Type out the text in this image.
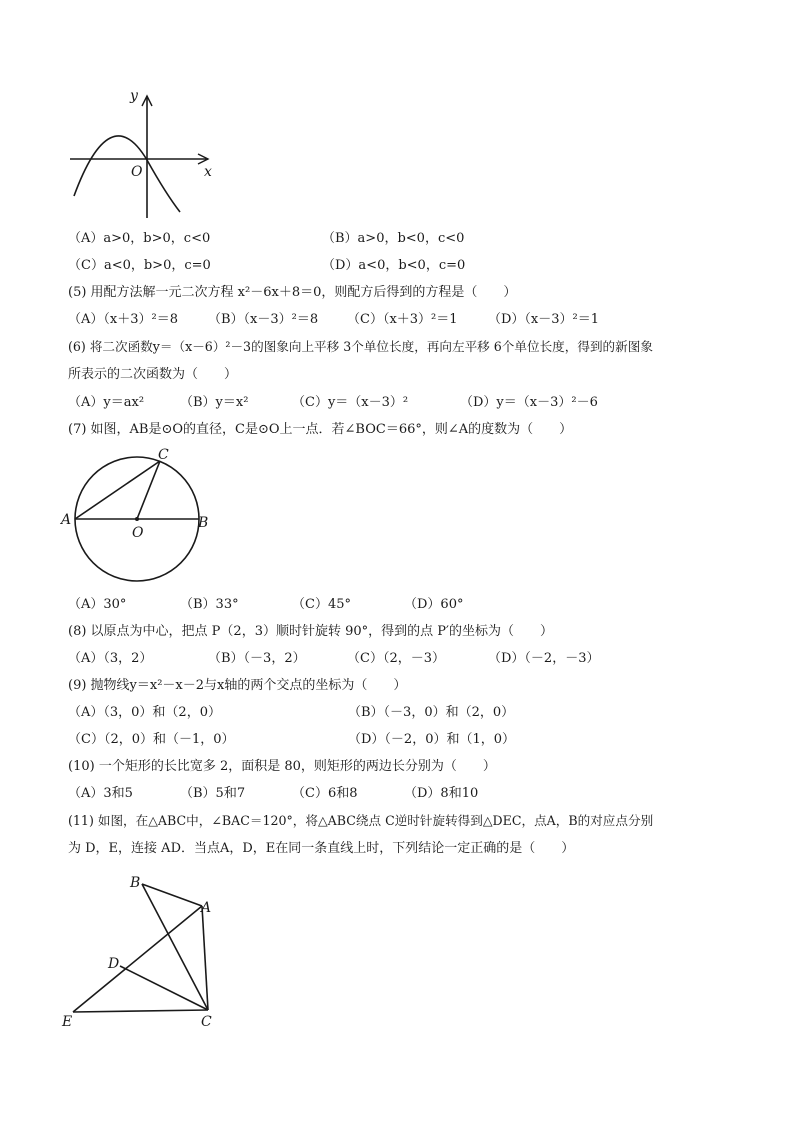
y
x
O
（A）a>0，b>0，c<0	（B）a>0，b<0，c<0
（C）a<0，b>0，c=0	（D）a<0，b<0，c=0
(5) 用配方法解一元二次方程 x²－6x＋8＝0，则配方后得到的方程是（　　）
（A）（x＋3）²＝8 （B）（x－3）²＝8 （C）（x＋3）²＝1 （D）（x－3）²＝1
(6) 将二次函数y＝（x－6）²－3的图象向上平移 3个单位长度，再向左平移 6个单位长度，得到的新图象
所表示的二次函数为（　　）
（A）y＝ax²	（B）y＝x²	（C）y＝（x－3）²	（D）y＝（x－3）²－6
(7) 如图，AB是⊙O的直径，C是⊙O上一点．若∠BOC＝66°，则∠A的度数为（　　）
A	B
C
O
（A）30°	（B）33°	（C）45°	（D）60°
(8) 以原点为中心，把点 P（2，3）顺时针旋转 90°，得到的点 P′的坐标为（　　）
（A）（3，2）	（B）（－3，2）	（C）（2，－3）	（D）（－2，－3）
(9) 抛物线y＝x²－x－2与x轴的两个交点的坐标为（　　）
（A）（3，0）和（2，0）	（B）（－3，0）和（2，0）
（C）（2，0）和（－1，0）	（D）（－2，0）和（1，0）
(10) 一个矩形的长比宽多 2，面积是 80，则矩形的两边长分别为（　　）
（A）3和5	（B）5和7	（C）6和8	（D）8和10
(11) 如图，在△ABC中，∠BAC＝120°，将△ABC绕点 C逆时针旋转得到△DEC，点A，B的对应点分别
为 D，E，连接 AD．当点A，D，E在同一条直线上时，下列结论一定正确的是（　　）
B
A
D
E	C
